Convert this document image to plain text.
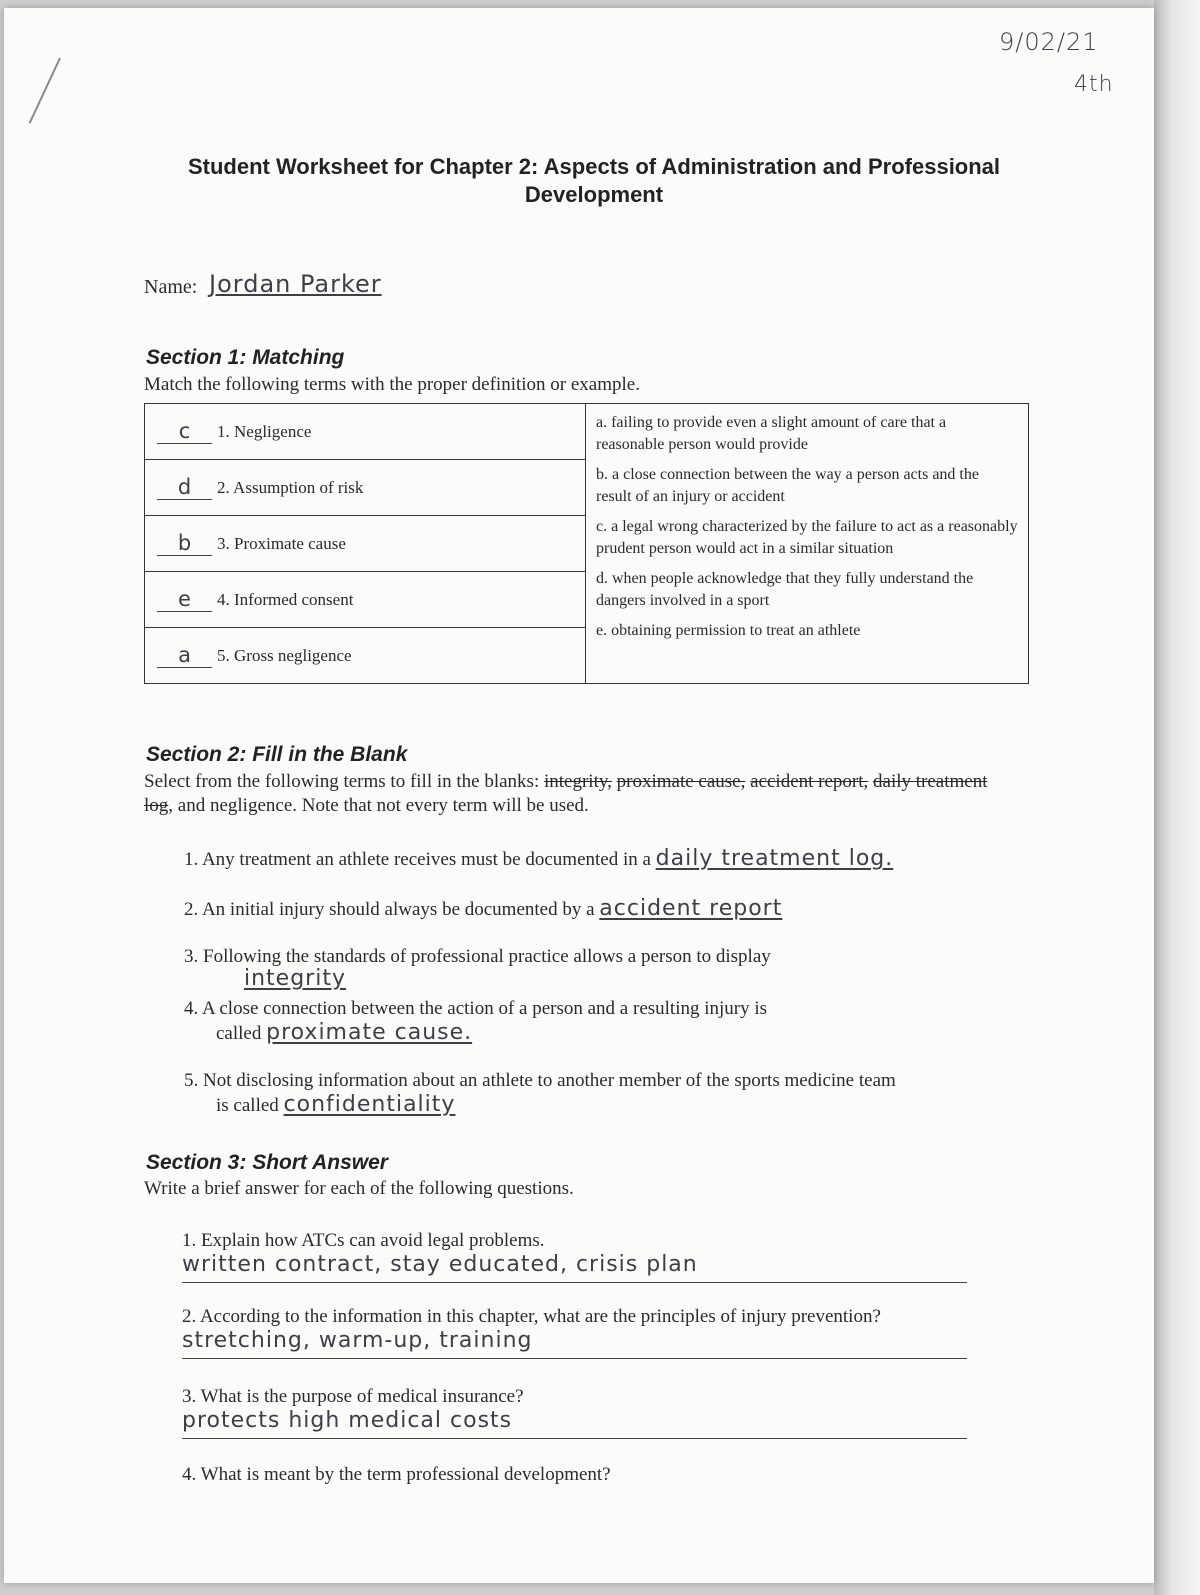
9/02/21
4th
Student Worksheet for Chapter 2: Aspects of Administration and Professional
Development
Name: Jordan Parker
Section 1: Matching
Match the following terms with the proper definition or example.
c	1. Negligence
d	2. Assumption of risk
b	3. Proximate cause
e	4. Informed consent
a	5. Gross negligence

a. failing to provide even a slight amount of care that a reasonable person would provide
b. a close connection between the way a person acts and the result of an injury or accident
c. a legal wrong characterized by the failure to act as a reasonably prudent person would act in a similar situation
d. when people acknowledge that they fully understand the dangers involved in a sport
e. obtaining permission to treat an athlete
Section 2: Fill in the Blank
Select from the following terms to fill in the blanks: integrity, proximate cause, accident report, daily treatment log, and negligence. Note that not every term will be used.
1. Any treatment an athlete receives must be documented in a daily treatment log.
2. An initial injury should always be documented by a accident report
3. Following the standards of professional practice allows a person to display
integrity
4. A close connection between the action of a person and a resulting injury is
called proximate cause.
5. Not disclosing information about an athlete to another member of the sports medicine team
is called confidentiality
Section 3: Short Answer
Write a brief answer for each of the following questions.
1. Explain how ATCs can avoid legal problems.
written contract, stay educated, crisis plan
2. According to the information in this chapter, what are the principles of injury prevention?
stretching, warm-up, training
3. What is the purpose of medical insurance?
protects high medical costs
4. What is meant by the term professional development?
